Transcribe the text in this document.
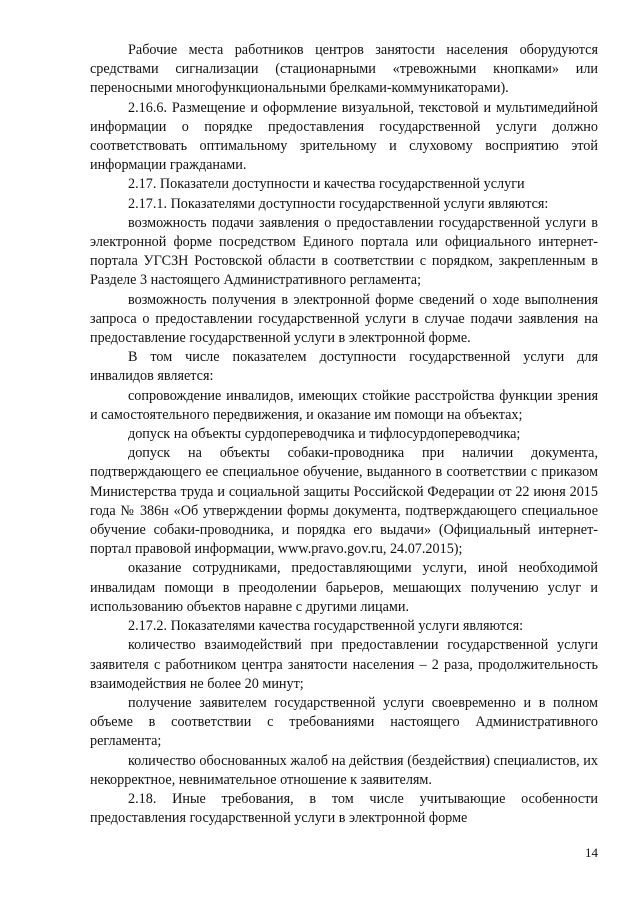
Рабочие места работников центров занятости населения оборудуются средствами сигнализации (стационарными «тревожными кнопками» или переносными многофункциональными брелками-коммуникаторами).

2.16.6. Размещение и оформление визуальной, текстовой и мультимедийной информации о порядке предоставления государственной услуги должно соответствовать оптимальному зрительному и слуховому восприятию этой информации гражданами.

2.17. Показатели доступности и качества государственной услуги

2.17.1. Показателями доступности государственной услуги являются:

возможность подачи заявления о предоставлении государственной услуги в электронной форме посредством Единого портала или официального интернет-портала УГСЗН Ростовской области в соответствии с порядком, закрепленным в Разделе 3 настоящего Административного регламента;

возможность получения в электронной форме сведений о ходе выполнения запроса о предоставлении государственной услуги в случае подачи заявления на предоставление государственной услуги в электронной форме.

В том числе показателем доступности государственной услуги для инвалидов является:

сопровождение инвалидов, имеющих стойкие расстройства функции зрения и самостоятельного передвижения, и оказание им помощи на объектах;

допуск на объекты сурдопереводчика и тифлосурдопереводчика;

допуск на объекты собаки-проводника при наличии документа, подтверждающего ее специальное обучение, выданного в соответствии с приказом Министерства труда и социальной защиты Российской Федерации от 22 июня 2015 года № 386н «Об утверждении формы документа, подтверждающего специальное обучение собаки-проводника, и порядка его выдачи» (Официальный интернет-портал правовой информации, www.pravo.gov.ru, 24.07.2015);

оказание сотрудниками, предоставляющими услуги, иной необходимой инвалидам помощи в преодолении барьеров, мешающих получению услуг и использованию объектов наравне с другими лицами.

2.17.2. Показателями качества государственной услуги являются:

количество взаимодействий при предоставлении государственной услуги заявителя с работником центра занятости населения – 2 раза, продолжительность взаимодействия не более 20 минут;

получение заявителем государственной услуги своевременно и в полном объеме в соответствии с требованиями настоящего Административного регламента;

количество обоснованных жалоб на действия (бездействия) специалистов, их некорректное, невнимательное отношение к заявителям.

2.18. Иные требования, в том числе учитывающие особенности предоставления государственной услуги в электронной форме

14
